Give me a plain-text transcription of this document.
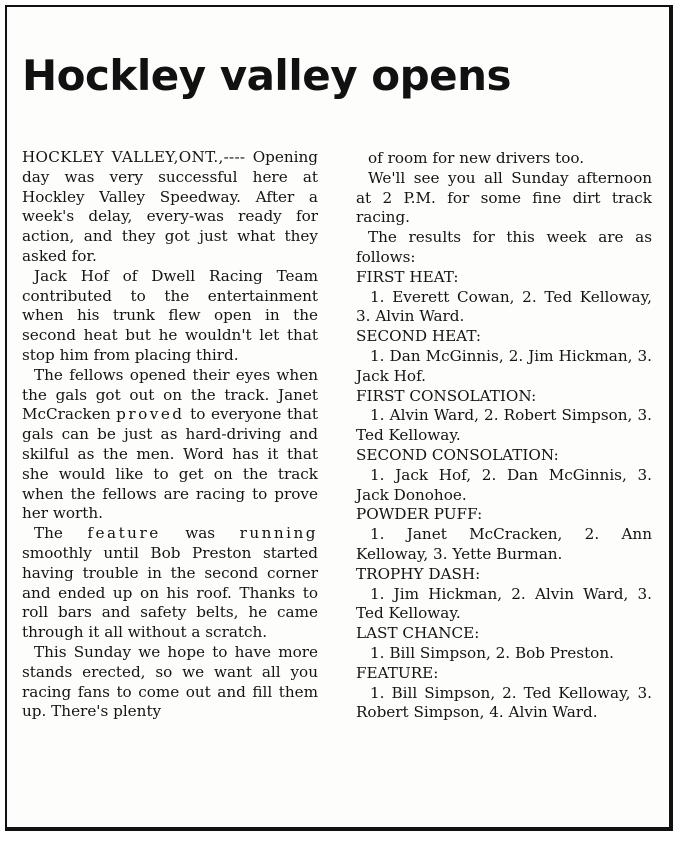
Hockley valley opens

HOCKLEY VALLEY,ONT.,---- Opening day was very successful here at Hockley Valley Speedway. After a week's delay, every-was ready for action, and they got just what they asked for.

Jack Hof of Dwell Racing Team contributed to the entertainment when his trunk flew open in the second heat but he wouldn't let that stop him from placing third.

The fellows opened their eyes when the gals got out on the track. Janet McCracken proved to everyone that gals can be just as hard-driving and skilful as the men. Word has it that she would like to get on the track when the fellows are racing to prove her worth.

The feature was running smoothly until Bob Preston started having trouble in the second corner and ended up on his roof. Thanks to roll bars and safety belts, he came through it all without a scratch.

This Sunday we hope to have more stands erected, so we want all you racing fans to come out and fill them up. There's plenty

of room for new drivers too.

We'll see you all Sunday afternoon at 2 P.M. for some fine dirt track racing.

The results for this week are as follows:

FIRST HEAT:

1. Everett Cowan, 2. Ted Kelloway, 3. Alvin Ward.

SECOND HEAT:

1. Dan McGinnis, 2. Jim Hickman, 3. Jack Hof.

FIRST CONSOLATION:

1. Alvin Ward, 2. Robert Simpson, 3. Ted Kelloway.

SECOND CONSOLATION:

1. Jack Hof, 2. Dan McGinnis, 3. Jack Donohoe.

POWDER PUFF:

1. Janet McCracken, 2. Ann Kelloway, 3. Yette Burman.

TROPHY DASH:

1. Jim Hickman, 2. Alvin Ward, 3. Ted Kelloway.

LAST CHANCE:

1. Bill Simpson, 2. Bob Preston.

FEATURE:

1. Bill Simpson, 2. Ted Kelloway, 3. Robert Simpson, 4. Alvin Ward.
